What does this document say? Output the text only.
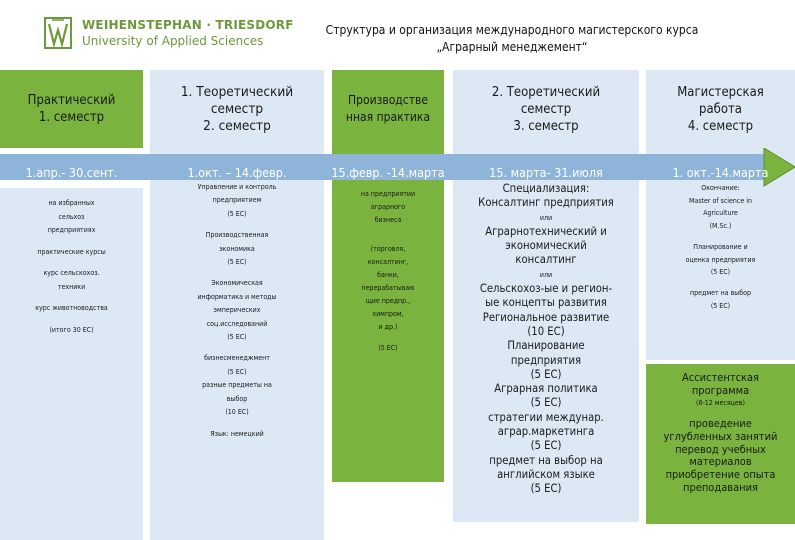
WEIHENSTEPHAN · TRIESDORF
University of Applied Sciences
Структура и организация международного магистерского курса
„Аграрный менеджемент“
Практический
1. семестр
1. Теоретический
семестр
2. семестр
Производстве
нная практика
2. Теоретический
семестр
3. семестр
Магистерская
работа
4. семестр
1.апр.- 30.сент.	1.окт. – 14.февр.	15.февр. -14.марта	15. марта- 31.июля	1. окт.-14.марта

на избранных

сельхоз

предприятиях

практические курсы

курс сельскохоз.

техники

курс животноводства

(итого 30 ЕС)

Управление и контроль

предприятием

(5 ЕС)

Производственная

экономика

(5 ЕС)

Экономическая

информатика и методы

эмперических

соц.исследований

(5 ЕС)

бизнесменеджмент

(5 ЕС)

разные предметы на

выбор

(10 ЕС)

Язык: немецкий

на предприятии

аграрного

бизнеса

(торговля,

консалтинг,

банки,

перерабатываю

щие предпр.,

химпром,

и др.)

(5 ЕС)

Специализация:

Консалтинг предприятия

или

Агрaрнотехнический и

экономический

консалтинг

или

Сельскохоз-ые и регион-

ые концепты развития

Региональное развитие

(10 ЕС)

Планирование

предприятия

(5 ЕС)

Аграрная политика

(5 ЕС)

стратегии междунар.

аграр.маркетинга

(5 ЕС)

предмет на выбор на

английском языке

(5 ЕС)

Окончание:

Master of science in

Agriculture

(M.Sc.)

Планирование и

оценка предприятия

(5 ЕС)

предмет на выбор

(5 ЕС)

Ассистентская

программа

(6-12 месяцев)

проведение

углубленных занятий

перевод учебных

материалов

приобретение опыта

преподавания
